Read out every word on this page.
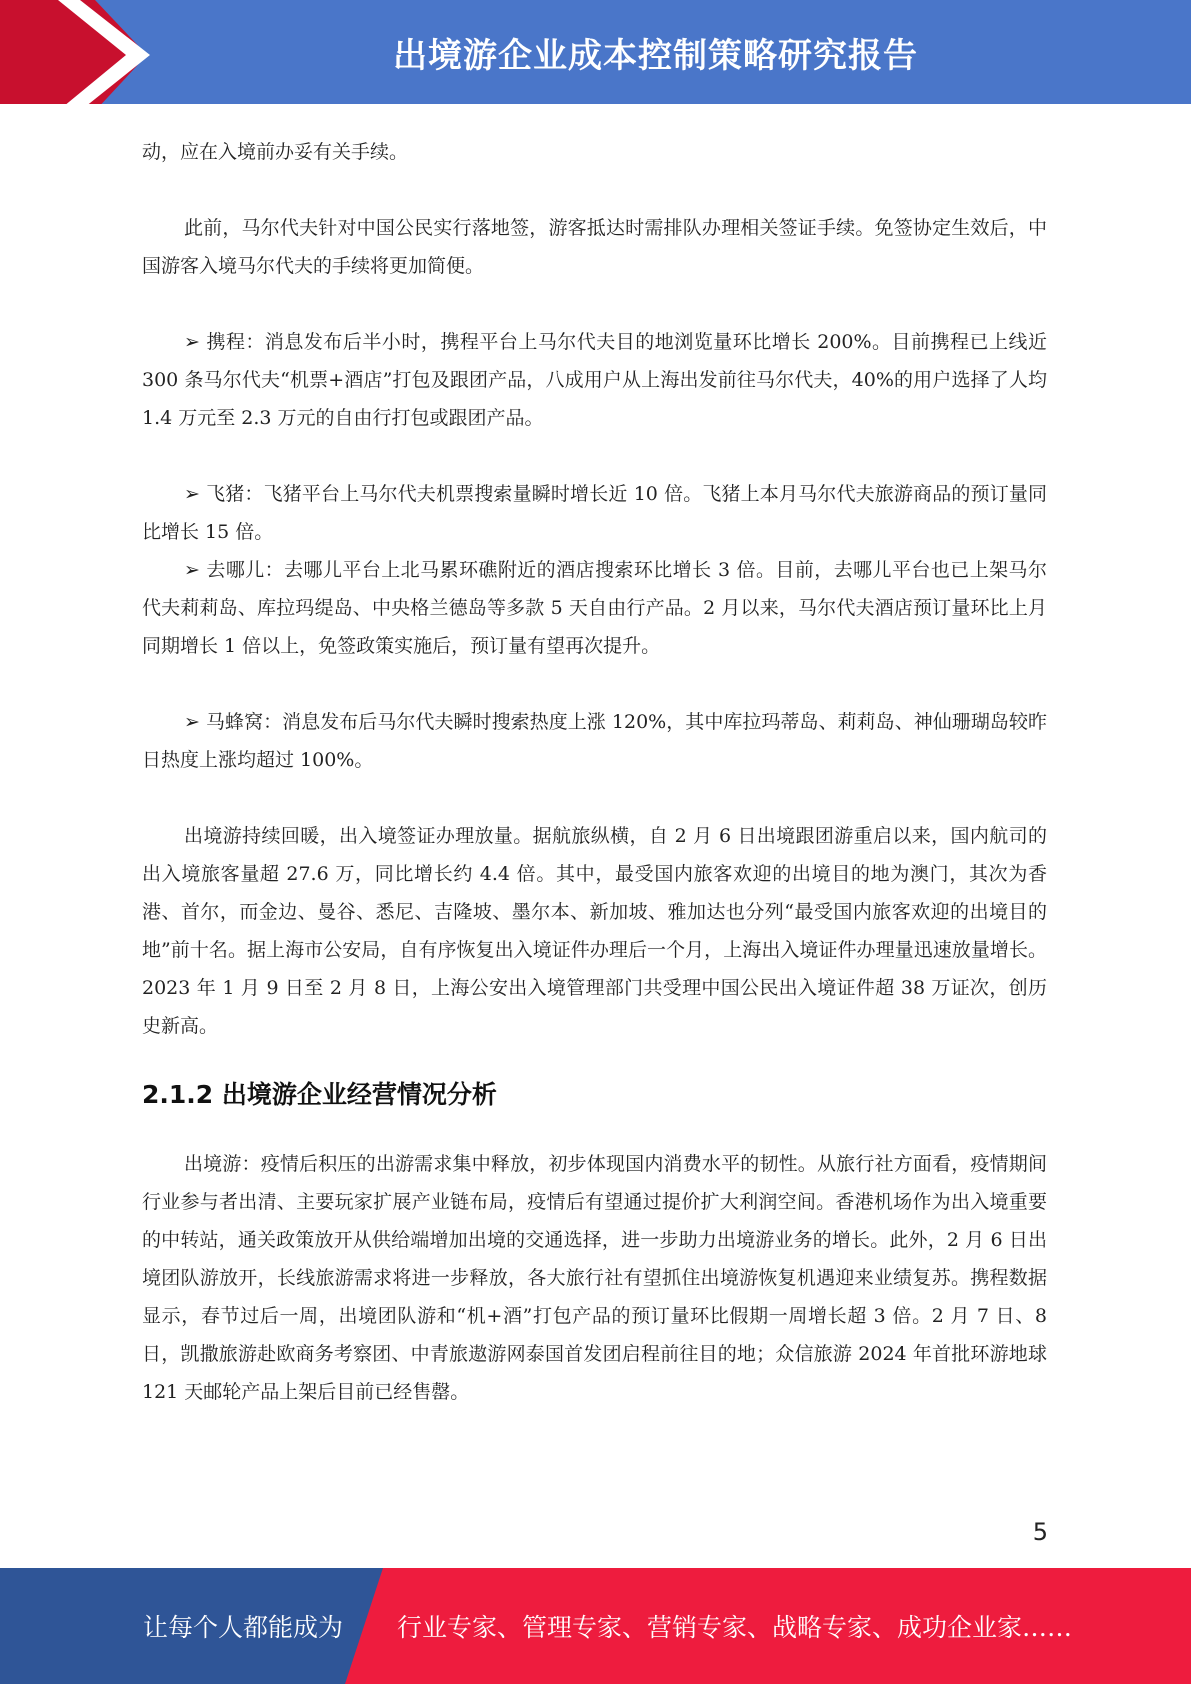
出境游企业成本控制策略研究报告

动，应在入境前办妥有关手续。

此前，马尔代夫针对中国公民实行落地签，游客抵达时需排队办理相关签证手续。免签协定生效后，中国游客入境马尔代夫的手续将更加简便。

➢ 携程：消息发布后半小时，携程平台上马尔代夫目的地浏览量环比增长 200%。目前携程已上线近 300 条马尔代夫“机票+酒店”打包及跟团产品，八成用户从上海出发前往马尔代夫，40%的用户选择了人均 1.4 万元至 2.3 万元的自由行打包或跟团产品。

➢ 飞猪：飞猪平台上马尔代夫机票搜索量瞬时增长近 10 倍。飞猪上本月马尔代夫旅游商品的预订量同比增长 15 倍。

➢ 去哪儿：去哪儿平台上北马累环礁附近的酒店搜索环比增长 3 倍。目前，去哪儿平台也已上架马尔代夫莉莉岛、库拉玛缇岛、中央格兰德岛等多款 5 天自由行产品。2 月以来，马尔代夫酒店预订量环比上月同期增长 1 倍以上，免签政策实施后，预订量有望再次提升。

➢ 马蜂窝：消息发布后马尔代夫瞬时搜索热度上涨 120%，其中库拉玛蒂岛、莉莉岛、神仙珊瑚岛较昨日热度上涨均超过 100%。

出境游持续回暖，出入境签证办理放量。据航旅纵横，自 2 月 6 日出境跟团游重启以来，国内航司的出入境旅客量超 27.6 万，同比增长约 4.4 倍。其中，最受国内旅客欢迎的出境目的地为澳门，其次为香港、首尔，而金边、曼谷、悉尼、吉隆坡、墨尔本、新加坡、雅加达也分列“最受国内旅客欢迎的出境目的地”前十名。据上海市公安局，自有序恢复出入境证件办理后一个月，上海出入境证件办理量迅速放量增长。2023 年 1 月 9 日至 2 月 8 日，上海公安出入境管理部门共受理中国公民出入境证件超 38 万证次，创历史新高。

2.1.2 出境游企业经营情况分析

出境游：疫情后积压的出游需求集中释放，初步体现国内消费水平的韧性。从旅行社方面看，疫情期间行业参与者出清、主要玩家扩展产业链布局，疫情后有望通过提价扩大利润空间。香港机场作为出入境重要的中转站，通关政策放开从供给端增加出境的交通选择，进一步助力出境游业务的增长。此外，2 月 6 日出境团队游放开，长线旅游需求将进一步释放，各大旅行社有望抓住出境游恢复机遇迎来业绩复苏。携程数据显示，春节过后一周，出境团队游和“机+酒”打包产品的预订量环比假期一周增长超 3 倍。2 月 7 日、8 日，凯撒旅游赴欧商务考察团、中青旅遨游网泰国首发团启程前往目的地；众信旅游 2024 年首批环游地球 121 天邮轮产品上架后目前已经售罄。

5
让每个人都能成为 行业专家、管理专家、营销专家、战略专家、成功企业家……
